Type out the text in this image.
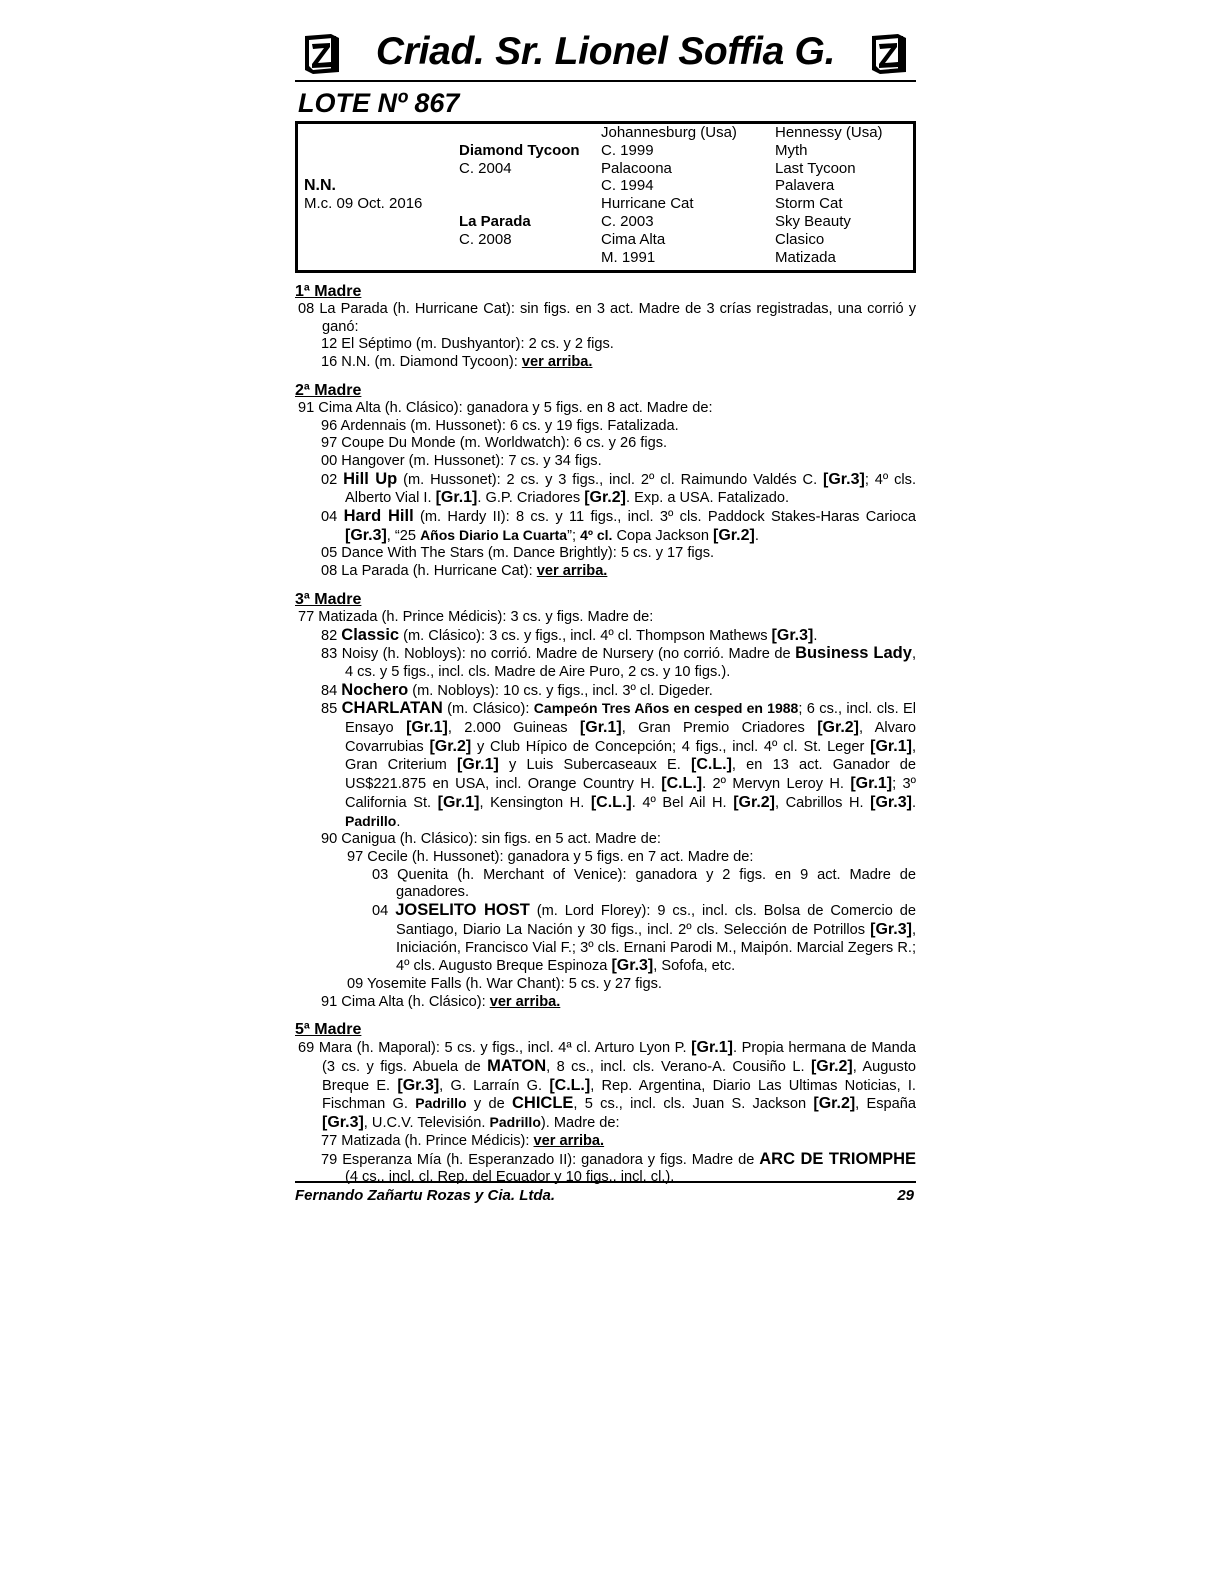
Criad. Sr. Lionel Soffia G.
LOTE Nº 867
N.N.
M.c. 09 Oct. 2016
Diamond Tycoon
C. 2004
La Parada
C. 2008
Johannesburg (Usa)
C. 1999
Palacoona
C. 1994
Hurricane Cat
C. 2003
Cima Alta
M. 1991
Hennessy (Usa)
Myth
Last Tycoon
Palavera
Storm Cat
Sky Beauty
Clasico
Matizada
1ª Madre
08 La Parada (h. Hurricane Cat): sin figs. en 3 act. Madre de 3 crías registradas, una corrió y ganó:
12 El Séptimo (m. Dushyantor): 2 cs. y 2 figs.
16 N.N. (m. Diamond Tycoon): ver arriba.
2ª Madre
91 Cima Alta (h. Clásico): ganadora y 5 figs. en 8 act. Madre de:
96 Ardennais (m. Hussonet): 6 cs. y 19 figs. Fatalizada.
97 Coupe Du Monde (m. Worldwatch): 6 cs. y 26 figs.
00 Hangover (m. Hussonet): 7 cs. y 34 figs.
02 Hill Up (m. Hussonet): 2 cs. y 3 figs., incl. 2º cl. Raimundo Valdés C. [Gr.3]; 4º cls. Alberto Vial I. [Gr.1]. G.P. Criadores [Gr.2]. Exp. a USA. Fatalizado.
04 Hard Hill (m. Hardy II): 8 cs. y 11 figs., incl. 3º cls. Paddock Stakes-Haras Carioca [Gr.3], “25 Años Diario La Cuarta”; 4º cl. Copa Jackson [Gr.2].
05 Dance With The Stars (m. Dance Brightly): 5 cs. y 17 figs.
08 La Parada (h. Hurricane Cat): ver arriba.
3ª Madre
77 Matizada (h. Prince Médicis): 3 cs. y figs. Madre de:
82 Classic (m. Clásico): 3 cs. y figs., incl. 4º cl. Thompson Mathews [Gr.3].
83 Noisy (h. Nobloys): no corrió. Madre de Nursery (no corrió. Madre de Business Lady, 4 cs. y 5 figs., incl. cls. Madre de Aire Puro, 2 cs. y 10 figs.).
84 Nochero (m. Nobloys): 10 cs. y figs., incl. 3º cl. Digeder.
85 CHARLATAN (m. Clásico): Campeón Tres Años en cesped en 1988; 6 cs., incl. cls. El Ensayo [Gr.1], 2.000 Guineas [Gr.1], Gran Premio Criadores [Gr.2], Alvaro Covarrubias [Gr.2] y Club Hípico de Concepción; 4 figs., incl. 4º cl. St. Leger [Gr.1], Gran Criterium [Gr.1] y Luis Subercaseaux E. [C.L.], en 13 act. Ganador de US$221.875 en USA, incl. Orange Country H. [C.L.]. 2º Mervyn Leroy H. [Gr.1]; 3º California St. [Gr.1], Kensington H. [C.L.]. 4º Bel Ail H. [Gr.2], Cabrillos H. [Gr.3]. Padrillo.
90 Canigua (h. Clásico): sin figs. en 5 act. Madre de:
97 Cecile (h. Hussonet): ganadora y 5 figs. en 7 act. Madre de:
03 Quenita (h. Merchant of Venice): ganadora y 2 figs. en 9 act. Madre de ganadores.
04 JOSELITO HOST (m. Lord Florey): 9 cs., incl. cls. Bolsa de Comercio de Santiago, Diario La Nación y 30 figs., incl. 2º cls. Selección de Potrillos [Gr.3], Iniciación, Francisco Vial F.; 3º cls. Ernani Parodi M., Maipón. Marcial Zegers R.; 4º cls. Augusto Breque Espinoza [Gr.3], Sofofa, etc.
09 Yosemite Falls (h. War Chant): 5 cs. y 27 figs.
91 Cima Alta (h. Clásico): ver arriba.
5ª Madre
69 Mara (h. Maporal): 5 cs. y figs., incl. 4ª cl. Arturo Lyon P. [Gr.1]. Propia hermana de Manda (3 cs. y figs. Abuela de MATON, 8 cs., incl. cls. Verano-A. Cousiño L. [Gr.2], Augusto Breque E. [Gr.3], G. Larraín G. [C.L.], Rep. Argentina, Diario Las Ultimas Noticias, I. Fischman G. Padrillo y de CHICLE, 5 cs., incl. cls. Juan S. Jackson [Gr.2], España [Gr.3], U.C.V. Televisión. Padrillo). Madre de:
77 Matizada (h. Prince Médicis): ver arriba.
79 Esperanza Mía (h. Esperanzado II): ganadora y figs. Madre de ARC DE TRIOMPHE (4 cs., incl. cl. Rep. del Ecuador y 10 figs., incl. cl.).
Fernando Zañartu Rozas y Cia. Ltda.	29
